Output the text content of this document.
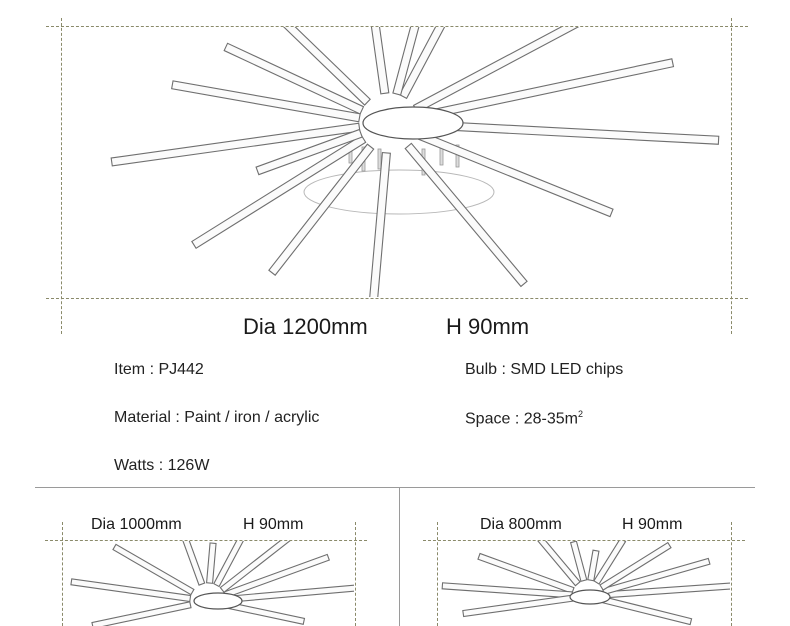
Dia 1200mm	H 90mm
Item : PJ442
Material : Paint / iron / acrylic
Watts : 126W
Bulb : SMD LED chips
Space : $28-35m^2$
Dia 1000mm	H 90mm	Dia 800mm	H 90mm
